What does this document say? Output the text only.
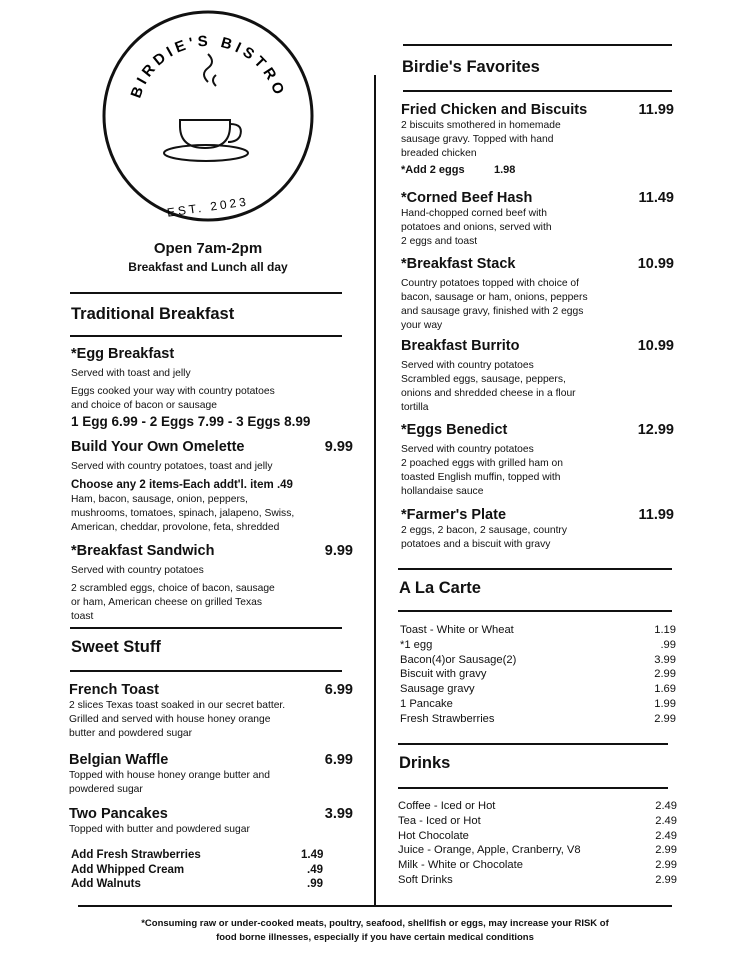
BIRDIE'S BISTRO
EST. 2023
Open 7am-2pm
Breakfast and Lunch all day
Traditional Breakfast
*Egg Breakfast
Served with toast and jelly
Eggs cooked your way with country potatoes
and choice of bacon or sausage
1 Egg 6.99 - 2 Eggs 7.99 - 3 Eggs 8.99
Build Your Own Omelette	9.99
Served with country potatoes, toast and jelly
Choose any 2 items-Each addt'l. item .49
Ham, bacon, sausage, onion, peppers,
mushrooms, tomatoes, spinach, jalapeno, Swiss,
American, cheddar, provolone, feta, shredded
*Breakfast Sandwich	9.99
Served with country potatoes
2 scrambled eggs, choice of bacon, sausage
or ham, American cheese on grilled Texas
toast
Sweet Stuff
French Toast	6.99
2 slices Texas toast soaked in our secret batter.
Grilled and served with house honey orange
butter and powdered sugar
Belgian Waffle	6.99
Topped with house honey orange butter and
powdered sugar
Two Pancakes	3.99
Topped with butter and powdered sugar
Add Fresh Strawberries	1.49
Add Whipped Cream	.49
Add Walnuts	.99
Birdie's Favorites
Fried Chicken and Biscuits	11.99
2 biscuits smothered in homemade
sausage gravy. Topped with hand
breaded chicken
*Add 2 eggs	1.98
*Corned Beef Hash	11.49
Hand-chopped corned beef with
potatoes and onions, served with
2 eggs and toast
*Breakfast Stack	10.99
Country potatoes topped with choice of
bacon, sausage or ham, onions, peppers
and sausage gravy, finished with 2 eggs
your way
Breakfast Burrito	10.99
Served with country potatoes
Scrambled eggs, sausage, peppers,
onions and shredded cheese in a flour
tortilla
*Eggs Benedict	12.99
Served with country potatoes
2 poached eggs with grilled ham on
toasted English muffin, topped with
hollandaise sauce
*Farmer's Plate	11.99
2 eggs, 2 bacon, 2 sausage, country
potatoes and a biscuit with gravy
A La Carte
Toast - White or Wheat	1.19
*1 egg	.99
Bacon(4)or Sausage(2)	3.99
Biscuit with gravy	2.99
Sausage gravy	1.69
1 Pancake	1.99
Fresh Strawberries	2.99
Drinks
Coffee - Iced or Hot	2.49
Tea - Iced or Hot	2.49
Hot Chocolate	2.49
Juice - Orange, Apple, Cranberry, V8	2.99
Milk - White or Chocolate	2.99
Soft Drinks	2.99
*Consuming raw or under-cooked meats, poultry, seafood, shellfish or eggs, may increase your RISK of
food borne illnesses, especially if you have certain medical conditions
